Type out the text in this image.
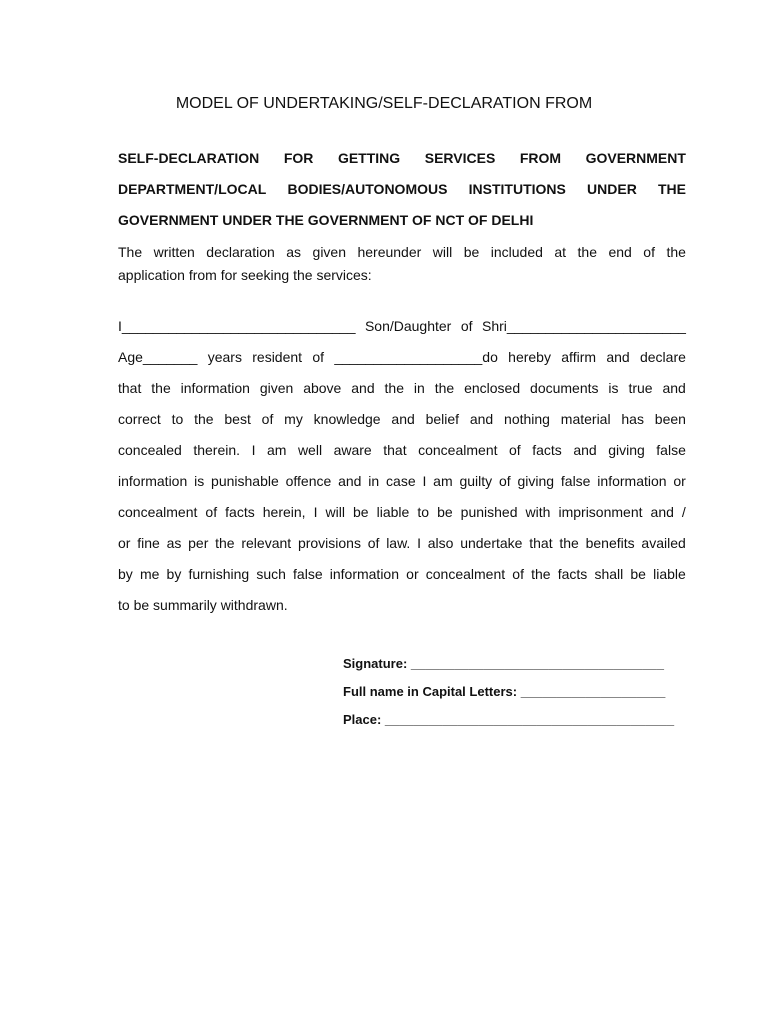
MODEL OF UNDERTAKING/SELF-DECLARATION FROM
SELF-DECLARATION FOR GETTING SERVICES FROM GOVERNMENT
DEPARTMENT/LOCAL BODIES/AUTONOMOUS INSTITUTIONS UNDER THE
GOVERNMENT UNDER THE GOVERNMENT OF NCT OF DELHI
The written declaration as given hereunder will be included at the end of the
application from for seeking the services:
I______________________________ Son/Daughter of Shri_______________________
Age_______ years resident of ___________________do hereby affirm and declare
that the information given above and the in the enclosed documents is true and
correct to the best of my knowledge and belief and nothing material has been
concealed therein. I am well aware that concealment of facts and giving false
information is punishable offence and in case I am guilty of giving false information or
concealment of facts herein, I will be liable to be punished with imprisonment and /
or fine as per the relevant provisions of law. I also undertake that the benefits availed
by me by furnishing such false information or concealment of the facts shall be liable
to be summarily withdrawn.
Signature: ___________________________________
Full name in Capital Letters: ____________________
Place: ________________________________________
